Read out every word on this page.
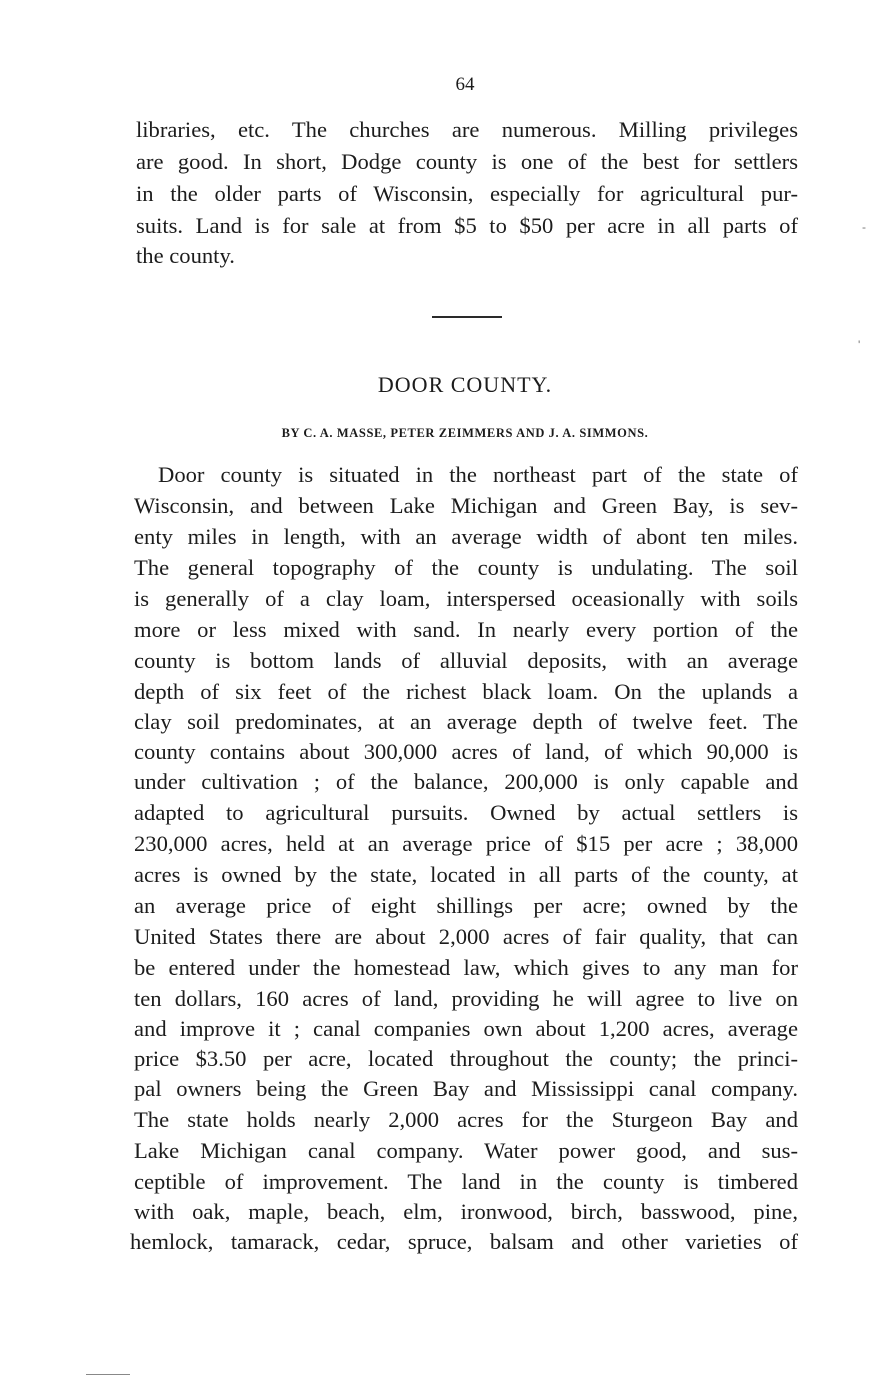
64
libraries, etc. The churches are numerous. Milling privileges
are good. In short, Dodge county is one of the best for settlers
in the older parts of Wisconsin, especially for agricultural pur-
suits. Land is for sale at from $5 to $50 per acre in all parts of
the county.
DOOR COUNTY.
BY C. A. MASSE, PETER ZEIMMERS AND J. A. SIMMONS.
Door county is situated in the northeast part of the state of
Wisconsin, and between Lake Michigan and Green Bay, is sev-
enty miles in length, with an average width of abont ten miles.
The general topography of the county is undulating. The soil
is generally of a clay loam, interspersed oceasionally with soils
more or less mixed with sand. In nearly every portion of the
county is bottom lands of alluvial deposits, with an average
depth of six feet of the richest black loam. On the uplands a
clay soil predominates, at an average depth of twelve feet. The
county contains about 300,000 acres of land, of which 90,000 is
under cultivation ; of the balance, 200,000 is only capable and
adapted to agricultural pursuits. Owned by actual settlers is
230,000 acres, held at an average price of $15 per acre ; 38,000
acres is owned by the state, located in all parts of the county, at
an average price of eight shillings per acre; owned by the
United States there are about 2,000 acres of fair quality, that can
be entered under the homestead law, which gives to any man for
ten dollars, 160 acres of land, providing he will agree to live on
and improve it ; canal companies own about 1,200 acres, average
price $3.50 per acre, located throughout the county; the princi-
pal owners being the Green Bay and Mississippi canal company.
The state holds nearly 2,000 acres for the Sturgeon Bay and
Lake Michigan canal company. Water power good, and sus-
ceptible of improvement. The land in the county is timbered
with oak, maple, beach, elm, ironwood, birch, basswood, pine,
hemlock, tamarack, cedar, spruce, balsam and other varieties of
-
'
